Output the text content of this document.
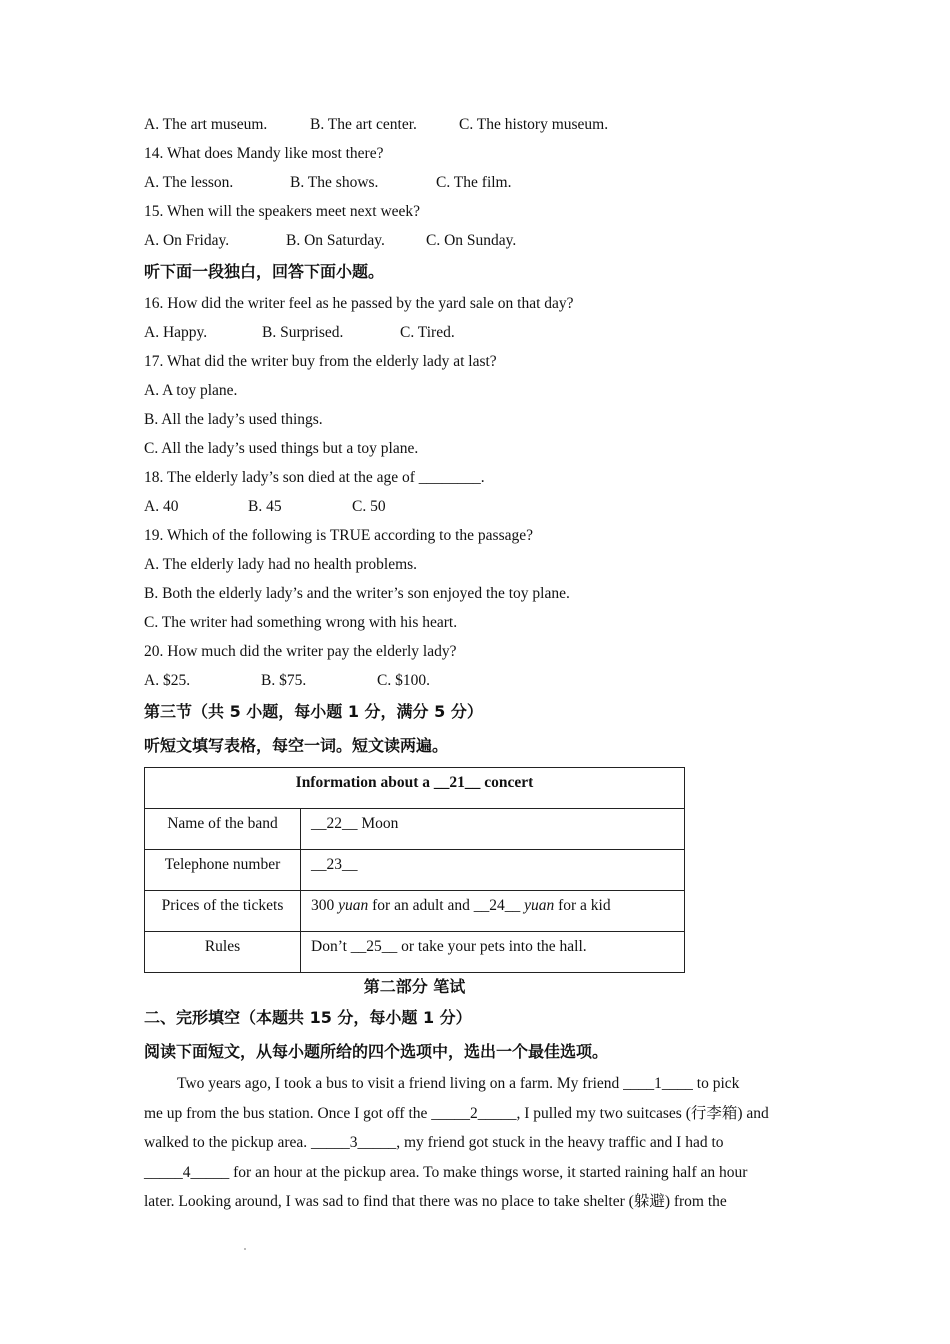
A. The art museum.	B. The art center.	C. The history museum.
14. What does Mandy like most there?
A. The lesson.	B. The shows.	C. The film.
15. When will the speakers meet next week?
A. On Friday.	B. On Saturday.	C. On Sunday.
听下面一段独白，回答下面小题。
16. How did the writer feel as he passed by the yard sale on that day?
A. Happy.	B. Surprised.	C. Tired.
17. What did the writer buy from the elderly lady at last?
A. A toy plane.
B. All the lady’s used things.
C. All the lady’s used things but a toy plane.
18. The elderly lady’s son died at the age of ________.
A. 40	B. 45	C. 50
19. Which of the following is TRUE according to the passage?
A. The elderly lady had no health problems.
B. Both the elderly lady’s and the writer’s son enjoyed the toy plane.
C. The writer had something wrong with his heart.
20. How much did the writer pay the elderly lady?
A. $25.	B. $75.	C. $100.
第三节（共 5 小题，每小题 1 分，满分 5 分）
听短文填写表格，每空一词。短文读两遍。
Information about a __21__ concert	
Name of the band	__22__ Moon
Telephone number	__23__
Prices of the tickets	300 yuan for an adult and __24__ yuan for a kid
Rules	Don’t __25__ or take your pets into the hall.
第二部分 笔试
二、完形填空（本题共 15 分，每小题 1 分）
阅读下面短文，从每小题所给的四个选项中，选出一个最佳选项。
Two years ago, I took a bus to visit a friend living on a farm. My friend ____1____ to pick
me up from the bus station. Once I got off the _____2_____, I pulled my two suitcases (行李箱) and
walked to the pickup area. _____3_____, my friend got stuck in the heavy traffic and I had to
_____4_____ for an hour at the pickup area. To make things worse, it started raining half an hour
later. Looking around, I was sad to find that there was no place to take shelter (躲避) from the
